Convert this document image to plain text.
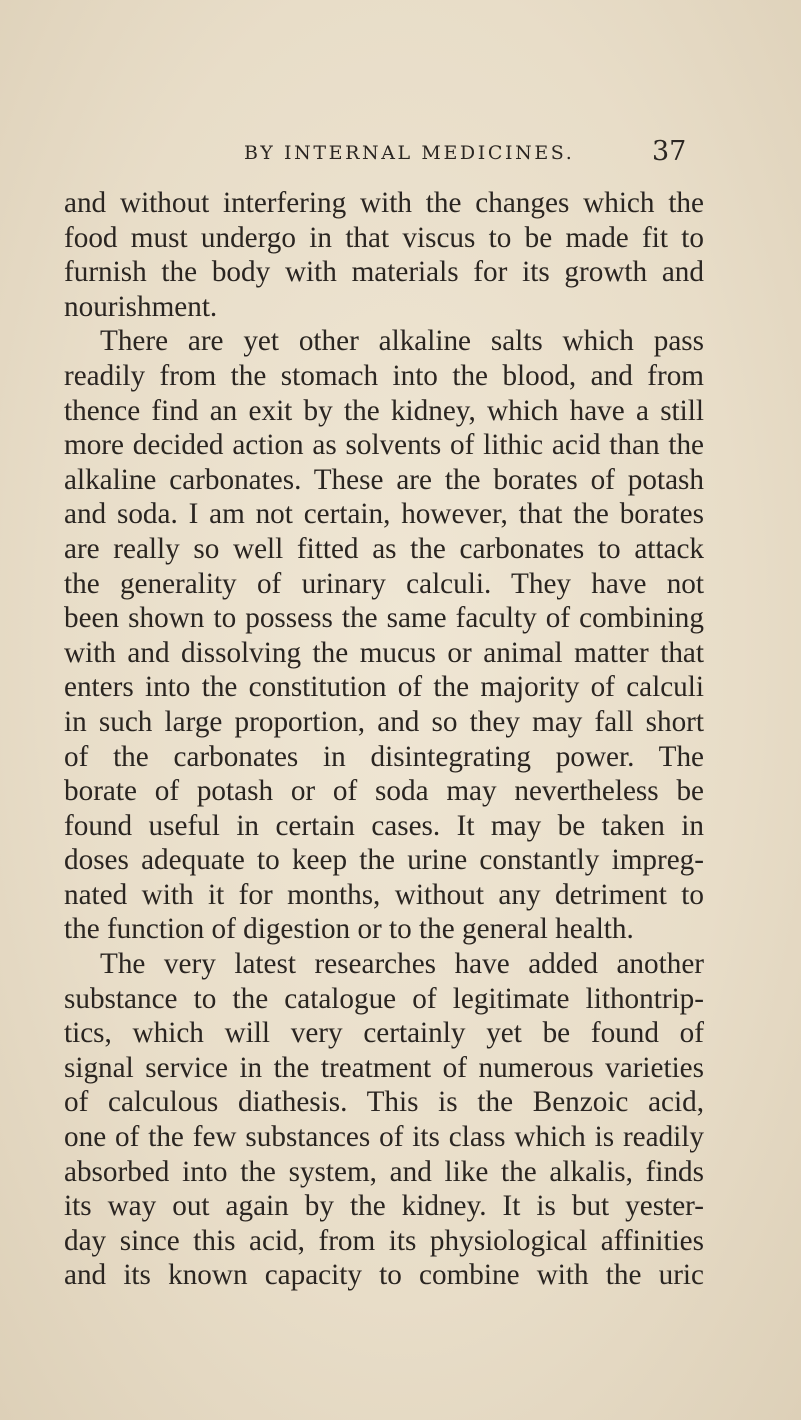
BY INTERNAL MEDICINES.	37
and without interfering with the changes which the
food must undergo in that viscus to be made fit to
furnish the body with materials for its growth and
nourishment.
There are yet other alkaline salts which pass
readily from the stomach into the blood, and from
thence find an exit by the kidney, which have a still
more decided action as solvents of lithic acid than the
alkaline carbonates. These are the borates of potash
and soda. I am not certain, however, that the borates
are really so well fitted as the carbonates to attack
the generality of urinary calculi. They have not
been shown to possess the same faculty of combining
with and dissolving the mucus or animal matter that
enters into the constitution of the majority of calculi
in such large proportion, and so they may fall short
of the carbonates in disintegrating power. The
borate of potash or of soda may nevertheless be
found useful in certain cases. It may be taken in
doses adequate to keep the urine constantly impreg-
nated with it for months, without any detriment to
the function of digestion or to the general health.
The very latest researches have added another
substance to the catalogue of legitimate lithontrip-
tics, which will very certainly yet be found of
signal service in the treatment of numerous varieties
of calculous diathesis. This is the Benzoic acid,
one of the few substances of its class which is readily
absorbed into the system, and like the alkalis, finds
its way out again by the kidney. It is but yester-
day since this acid, from its physiological affinities
and its known capacity to combine with the uric
